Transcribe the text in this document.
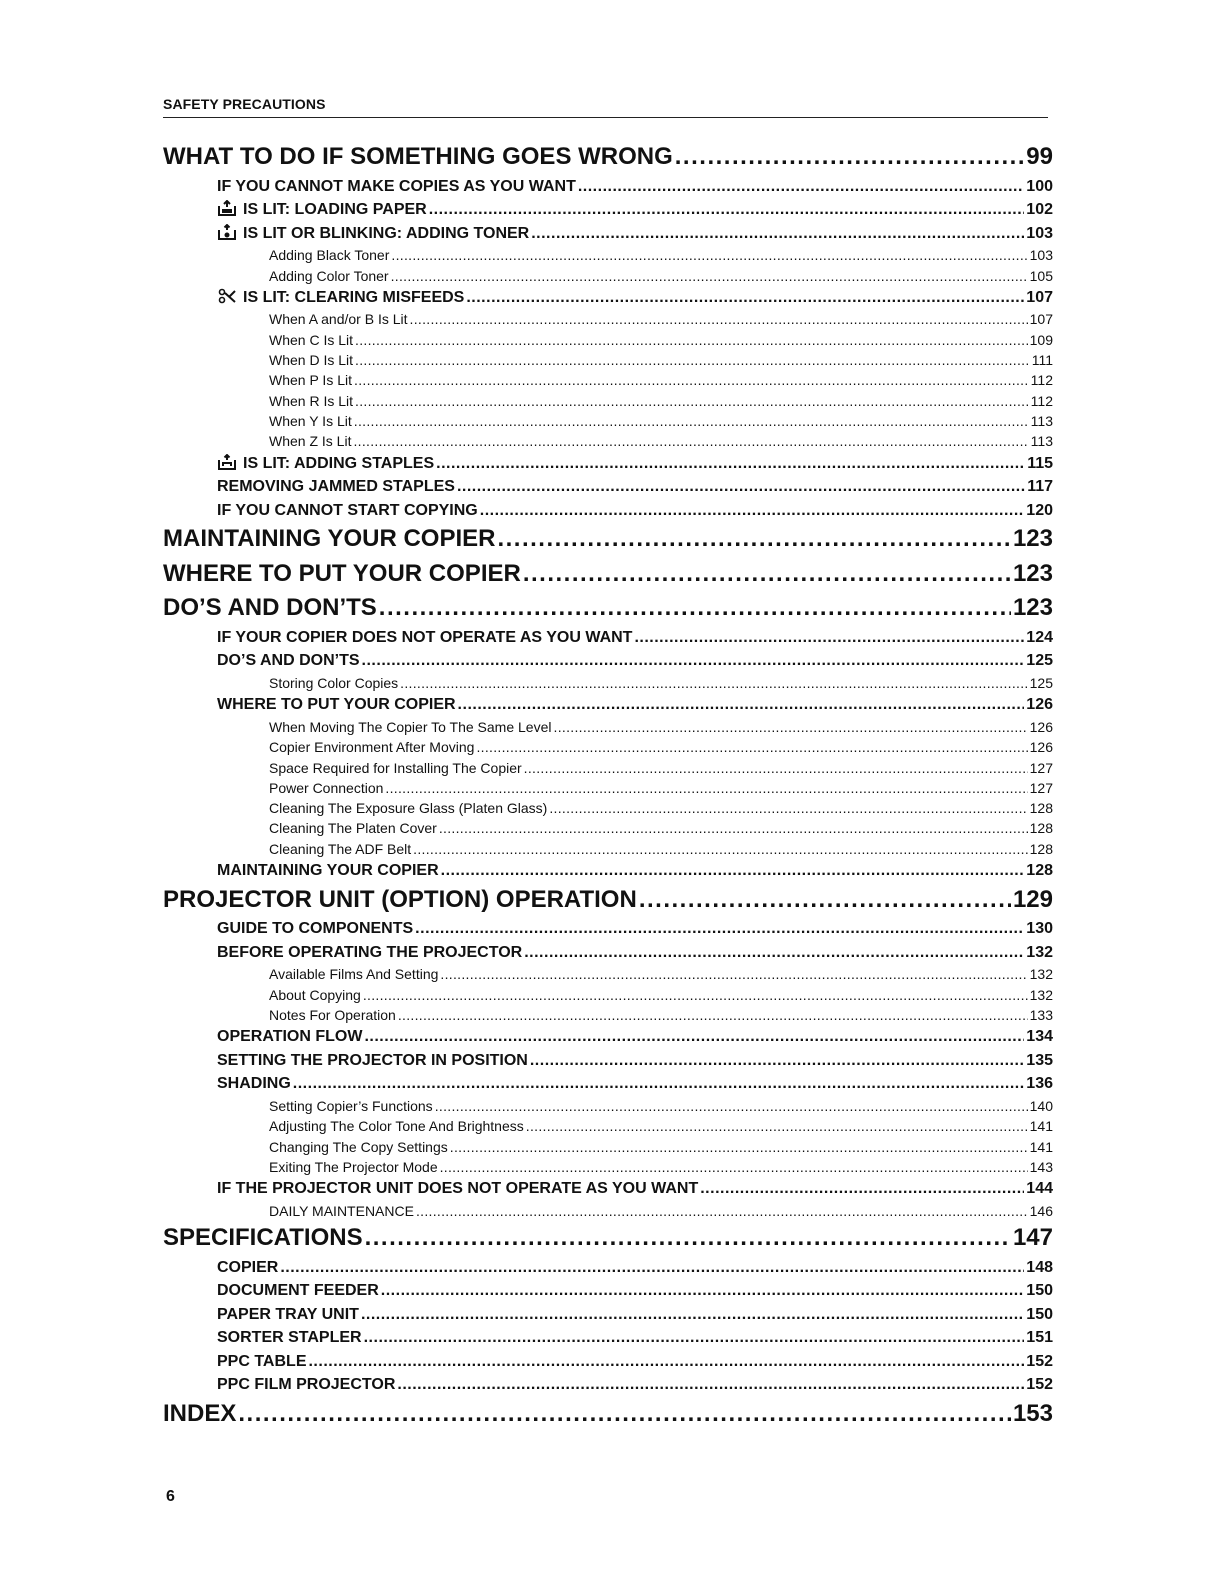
SAFETY PRECAUTIONS
WHAT TO DO IF SOMETHING GOES WRONG .....	99
IF YOU CANNOT MAKE COPIES AS YOU WANT .....	100
IS LIT: LOADING PAPER .....	102
IS LIT OR BLINKING: ADDING TONER .....	103
Adding Black Toner .....	103
Adding Color Toner .....	105
IS LIT: CLEARING MISFEEDS .....	107
When A and/or B Is Lit .....	107
When C Is Lit .....	109
When D Is Lit .....	111
When P Is Lit .....	112
When R Is Lit .....	112
When Y Is Lit .....	113
When Z Is Lit .....	113
IS LIT: ADDING STAPLES .....	115
REMOVING JAMMED STAPLES .....	117
IF YOU CANNOT START COPYING .....	120
MAINTAINING YOUR COPIER .....	123
WHERE TO PUT YOUR COPIER .....	123
DO’S AND DON’TS .....	123
IF YOUR COPIER DOES NOT OPERATE AS YOU WANT .....	124
DO’S AND DON’TS .....	125
Storing Color Copies .....	125
WHERE TO PUT YOUR COPIER .....	126
When Moving The Copier To The Same Level .....	126
Copier Environment After Moving .....	126
Space Required for Installing The Copier .....	127
Power Connection .....	127
Cleaning The Exposure Glass (Platen Glass) .....	128
Cleaning The Platen Cover .....	128
Cleaning The ADF Belt .....	128
MAINTAINING YOUR COPIER .....	128
PROJECTOR UNIT (OPTION) OPERATION .....	129
GUIDE TO COMPONENTS .....	130
BEFORE OPERATING THE PROJECTOR .....	132
Available Films And Setting .....	132
About Copying .....	132
Notes For Operation .....	133
OPERATION FLOW .....	134
SETTING THE PROJECTOR IN POSITION .....	135
SHADING .....	136
Setting Copier’s Functions .....	140
Adjusting The Color Tone And Brightness .....	141
Changing The Copy Settings .....	141
Exiting The Projector Mode .....	143
IF THE PROJECTOR UNIT DOES NOT OPERATE AS YOU WANT .....	144
DAILY MAINTENANCE .....	146
SPECIFICATIONS .....	147
COPIER .....	148
DOCUMENT FEEDER .....	150
PAPER TRAY UNIT .....	150
SORTER STAPLER .....	151
PPC TABLE .....	152
PPC FILM PROJECTOR .....	152
INDEX .....	153
6
